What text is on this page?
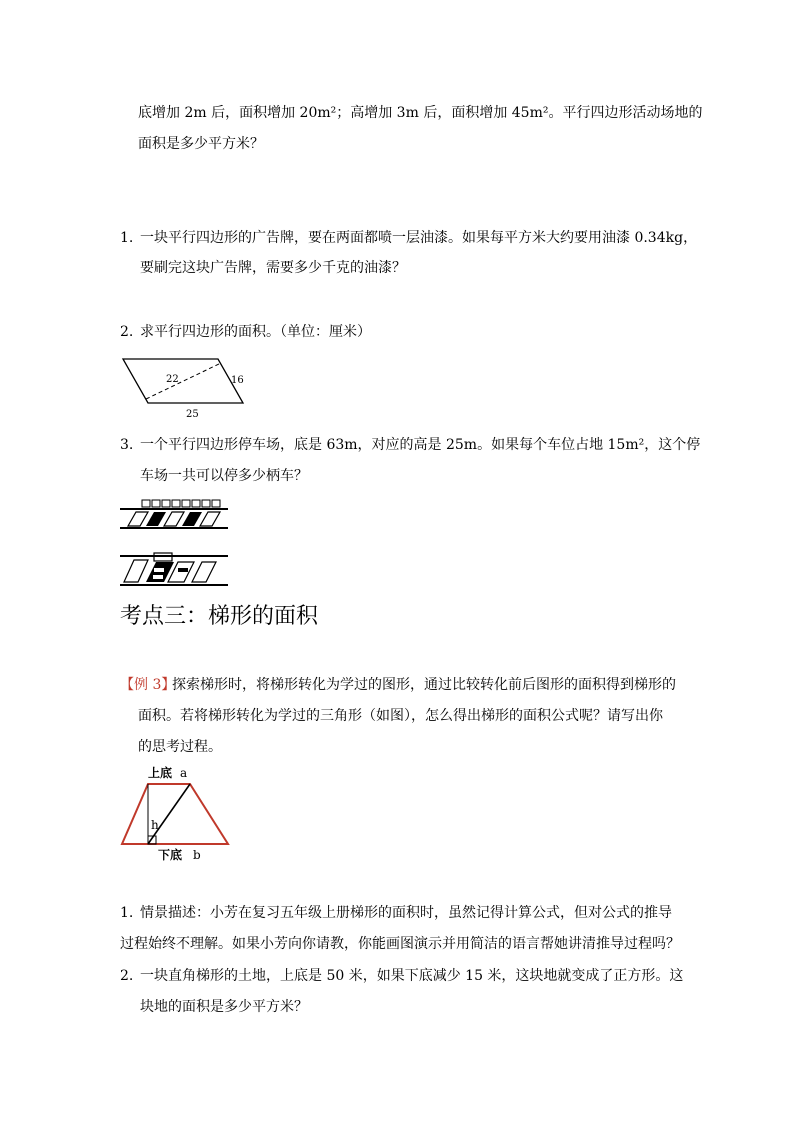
底增加 2m 后，面积增加 20m²；高增加 3m 后，面积增加 45m²。平行四边形活动场地的
面积是多少平方米？
1. 一块平行四边形的广告牌，要在两面都喷一层油漆。如果每平方米大约要用油漆 0.34kg，
要刷完这块广告牌，需要多少千克的油漆？
2. 求平行四边形的面积。（单位：厘米）
22	16
25
3. 一个平行四边形停车场，底是 63m，对应的高是 25m。如果每个车位占地 15m²，这个停
车场一共可以停多少柄车？
考点三：梯形的面积
【例 3】
探索梯形时，将梯形转化为学过的图形，通过比较转化前后图形的面积得到梯形的
面积。若将梯形转化为学过的三角形（如图），怎么得出梯形的面积公式呢？请写出你
的思考过程。
上底 a
h
下底 b
1. 情景描述：小芳在复习五年级上册梯形的面积时，虽然记得计算公式，但对公式的推导
过程始终不理解。如果小芳向你请教，你能画图演示并用简洁的语言帮她讲清推导过程吗？
2. 一块直角梯形的土地，上底是 50 米，如果下底减少 15 米，这块地就变成了正方形。这
块地的面积是多少平方米？
